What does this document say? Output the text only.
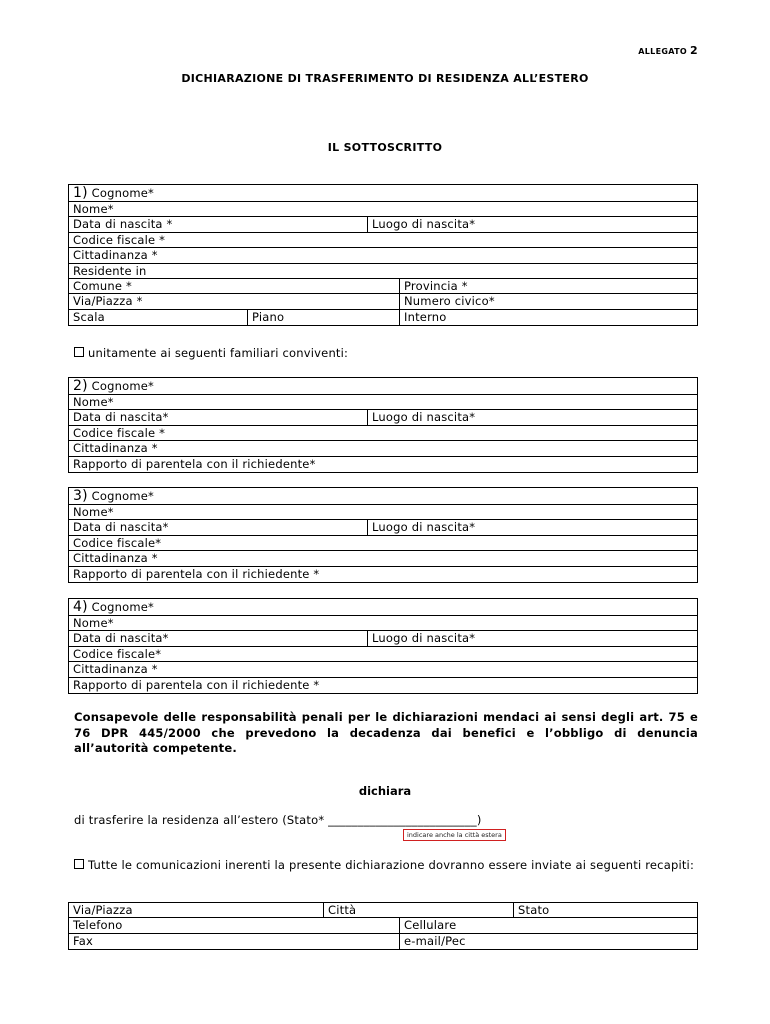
ALLEGATO 2
DICHIARAZIONE DI TRASFERIMENTO DI RESIDENZA ALL’ESTERO
IL SOTTOSCRITTO
1) Cognome*
Nome*
Data di nascita *	Luogo di nascita*
Codice fiscale *
Cittadinanza *
Residente in
Comune *	Provincia *
Via/Piazza *	Numero civico*
Scala	Piano	Interno
unitamente ai seguenti familiari conviventi:
2) Cognome*
Nome*
Data di nascita*	Luogo di nascita*
Codice fiscale *
Cittadinanza *
Rapporto di parentela con il richiedente*
3) Cognome*
Nome*
Data di nascita*	Luogo di nascita*
Codice fiscale*
Cittadinanza *
Rapporto di parentela con il richiedente *
4) Cognome*
Nome*
Data di nascita*	Luogo di nascita*
Codice fiscale*
Cittadinanza *
Rapporto di parentela con il richiedente *
Consapevole delle responsabilità penali per le dichiarazioni mendaci ai sensi degli art. 75 e 76 DPR 445/2000 che prevedono la decadenza dai benefici e l’obbligo di denuncia all’autorità competente.
dichiara
di trasferire la residenza all’estero (Stato* _________________________)
indicare anche la città estera
Tutte le comunicazioni inerenti la presente dichiarazione dovranno essere inviate ai seguenti recapiti:
Via/Piazza	Città	Stato
Telefono	Cellulare
Fax	e-mail/Pec
